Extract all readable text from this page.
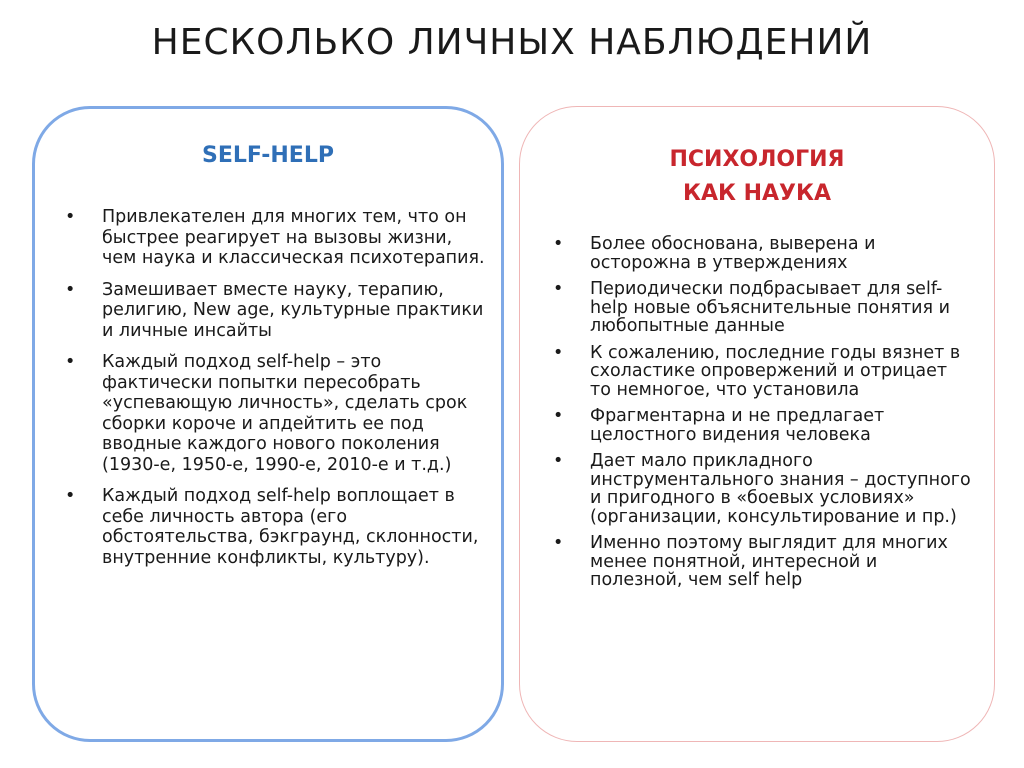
НЕСКОЛЬКО ЛИЧНЫХ НАБЛЮДЕНИЙ
SELF-HELP
•	Привлекателен для многих тем, что он быстрее реагирует на вызовы жизни, чем наука и классическая психотерапия.
•	Замешивает вместе науку, терапию, религию, New age, культурные практики и личные инсайты
•	Каждый подход self-help – это фактически попытки пересобрать «успевающую личность», сделать срок сборки короче и апдейтить ее под вводные каждого нового поколения (1930-е, 1950-е, 1990-е, 2010-е и т.д.)
•	Каждый подход self-help воплощает в себе личность автора (его обстоятельства, бэкграунд, склонности, внутренние конфликты, культуру).
ПСИХОЛОГИЯ
КАК НАУКА
•	Более обоснована, выверена и осторожна в утверждениях
•	Периодически подбрасывает для self-help новые объяснительные понятия и любопытные данные
•	К сожалению, последние годы вязнет в схоластике опровержений и отрицает то немногое, что установила
•	Фрагментарна и не предлагает целостного видения человека
•	Дает мало прикладного инструментального знания – доступного и пригодного в «боевых условиях» (организации, консультирование и пр.)
•	Именно поэтому выглядит для многих менее понятной, интересной и полезной, чем self help
